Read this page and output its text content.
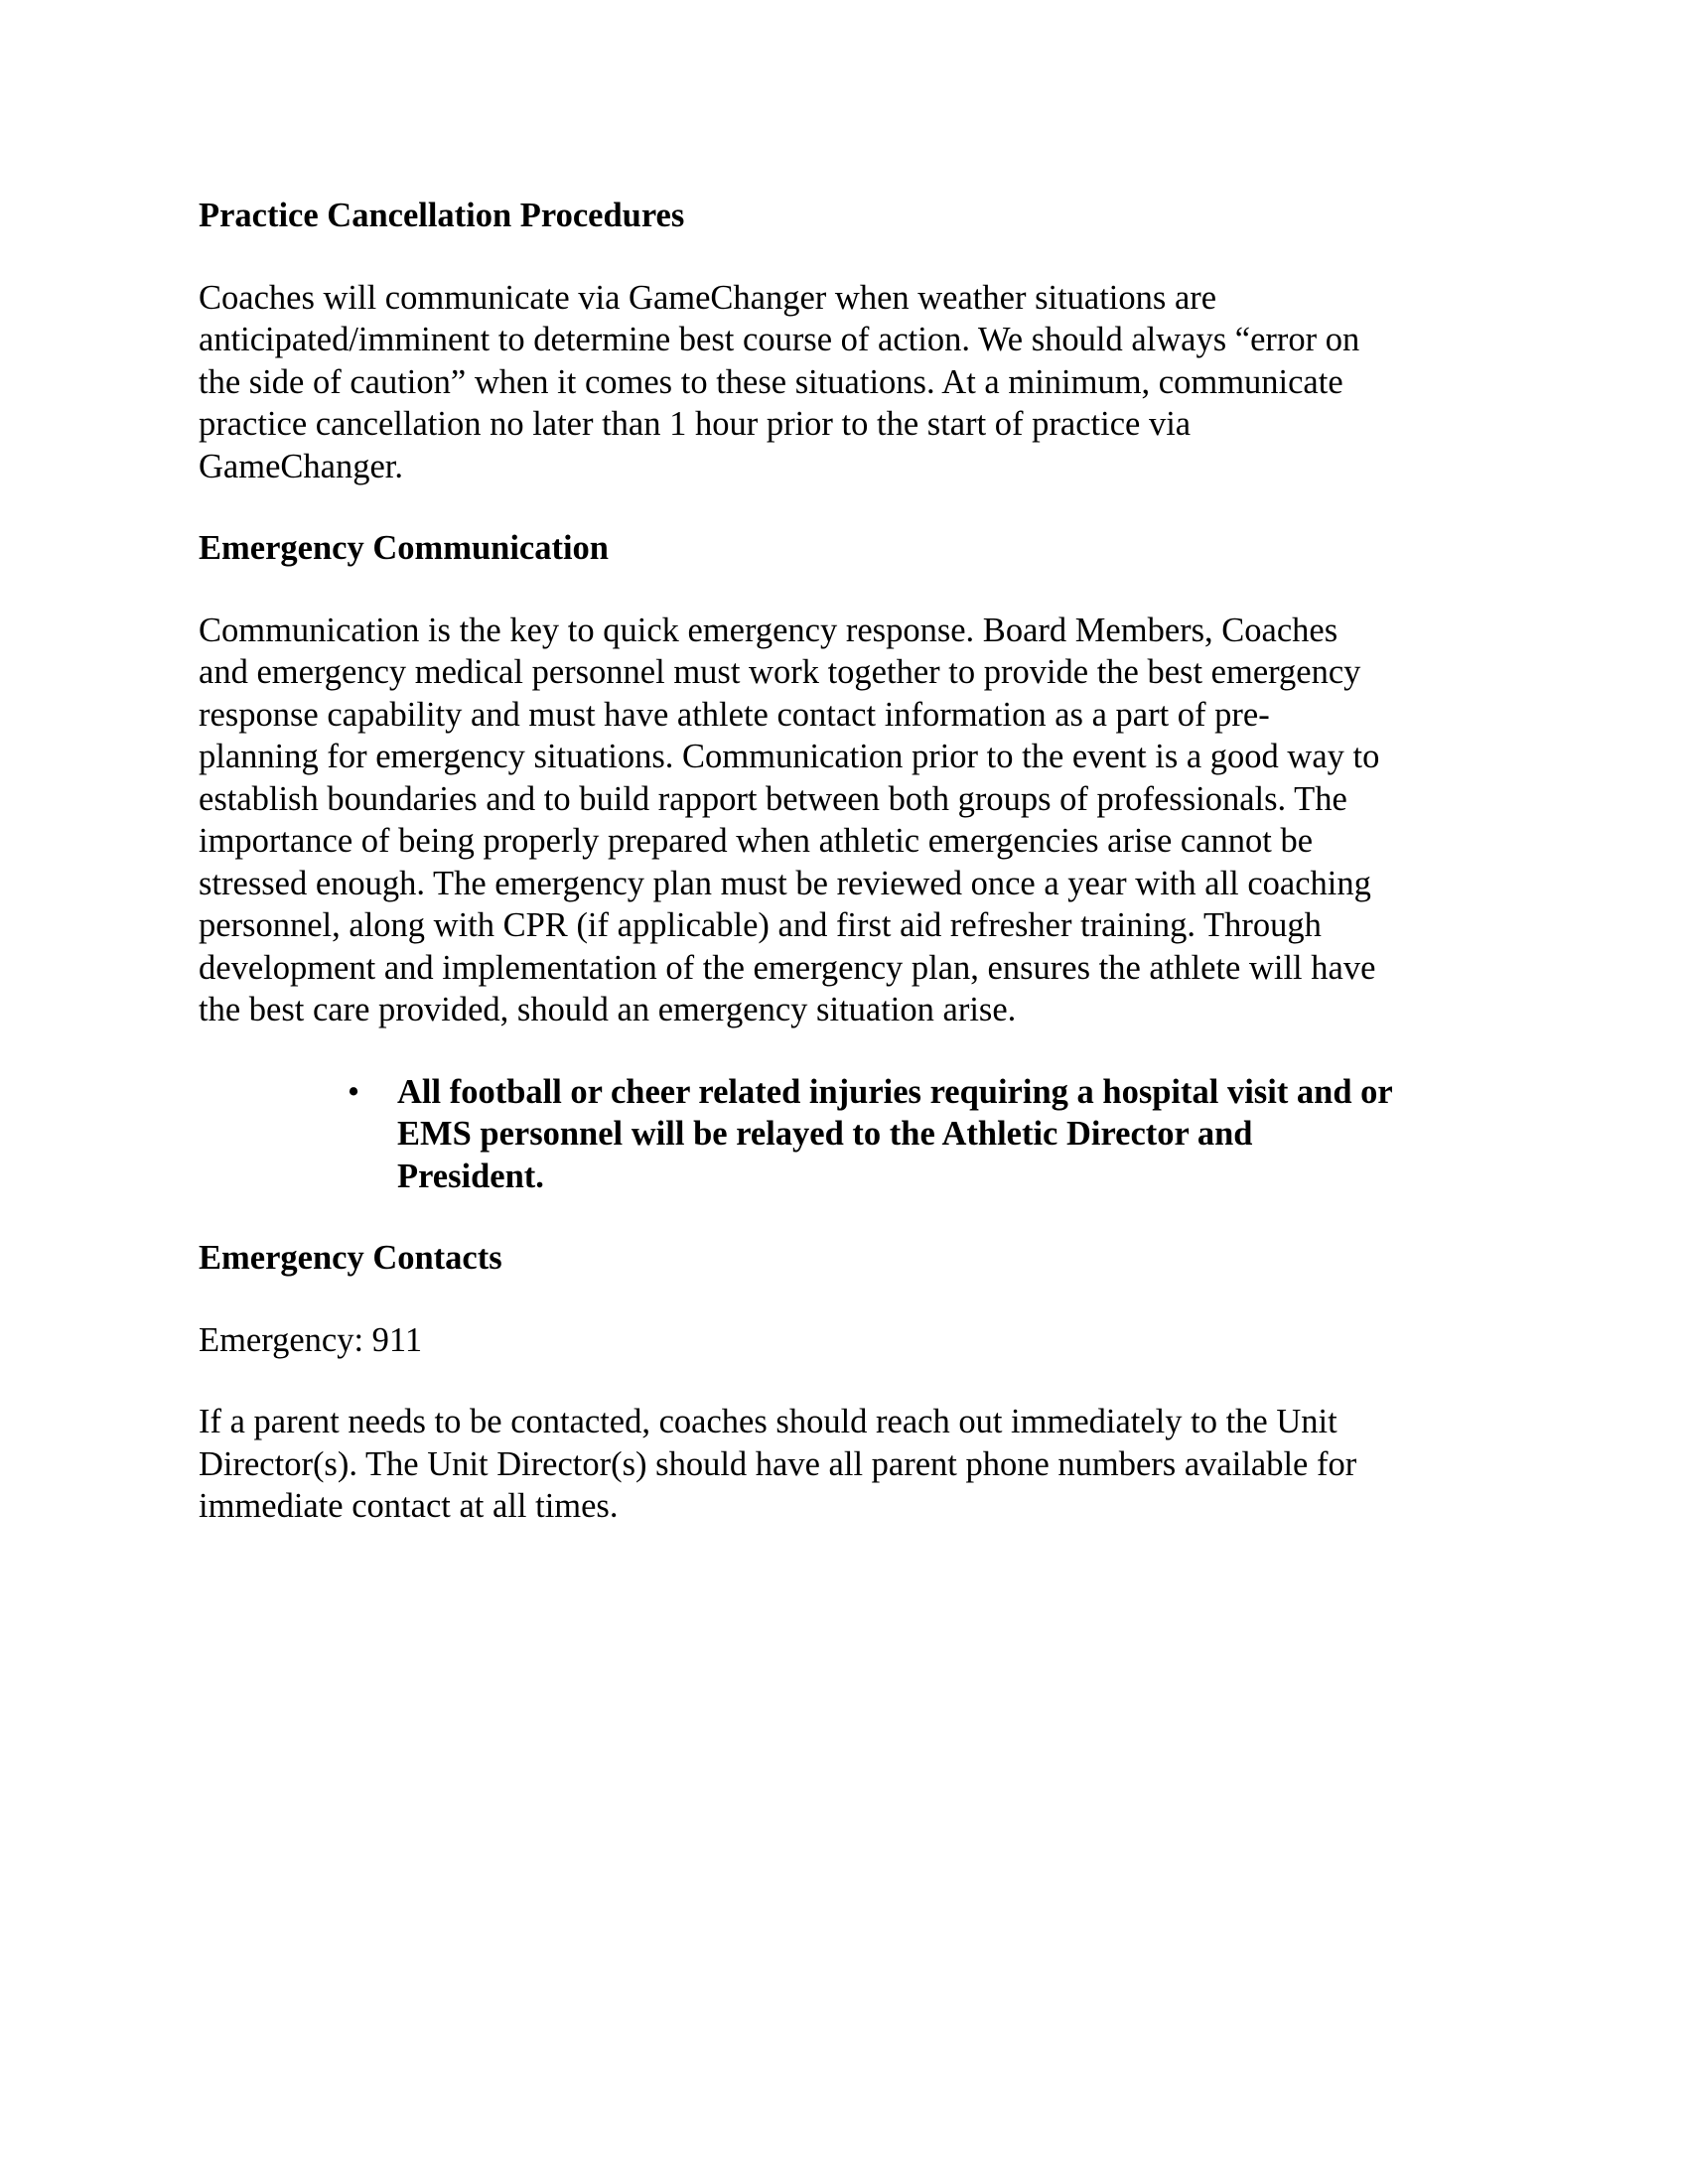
Practice Cancellation Procedures

Coaches will communicate via GameChanger when weather situations are
anticipated/imminent to determine best course of action. We should always “error on
the side of caution” when it comes to these situations. At a minimum, communicate
practice cancellation no later than 1 hour prior to the start of practice via
GameChanger.

Emergency Communication

Communication is the key to quick emergency response. Board Members, Coaches
and emergency medical personnel must work together to provide the best emergency
response capability and must have athlete contact information as a part of pre-
planning for emergency situations. Communication prior to the event is a good way to
establish boundaries and to build rapport between both groups of professionals. The
importance of being properly prepared when athletic emergencies arise cannot be
stressed enough. The emergency plan must be reviewed once a year with all coaching
personnel, along with CPR (if applicable) and first aid refresher training. Through
development and implementation of the emergency plan, ensures the athlete will have
the best care provided, should an emergency situation arise.

• All football or cheer related injuries requiring a hospital visit and or
EMS personnel will be relayed to the Athletic Director and
President.
Emergency Contacts

Emergency: 911

If a parent needs to be contacted, coaches should reach out immediately to the Unit
Director(s). The Unit Director(s) should have all parent phone numbers available for
immediate contact at all times.
